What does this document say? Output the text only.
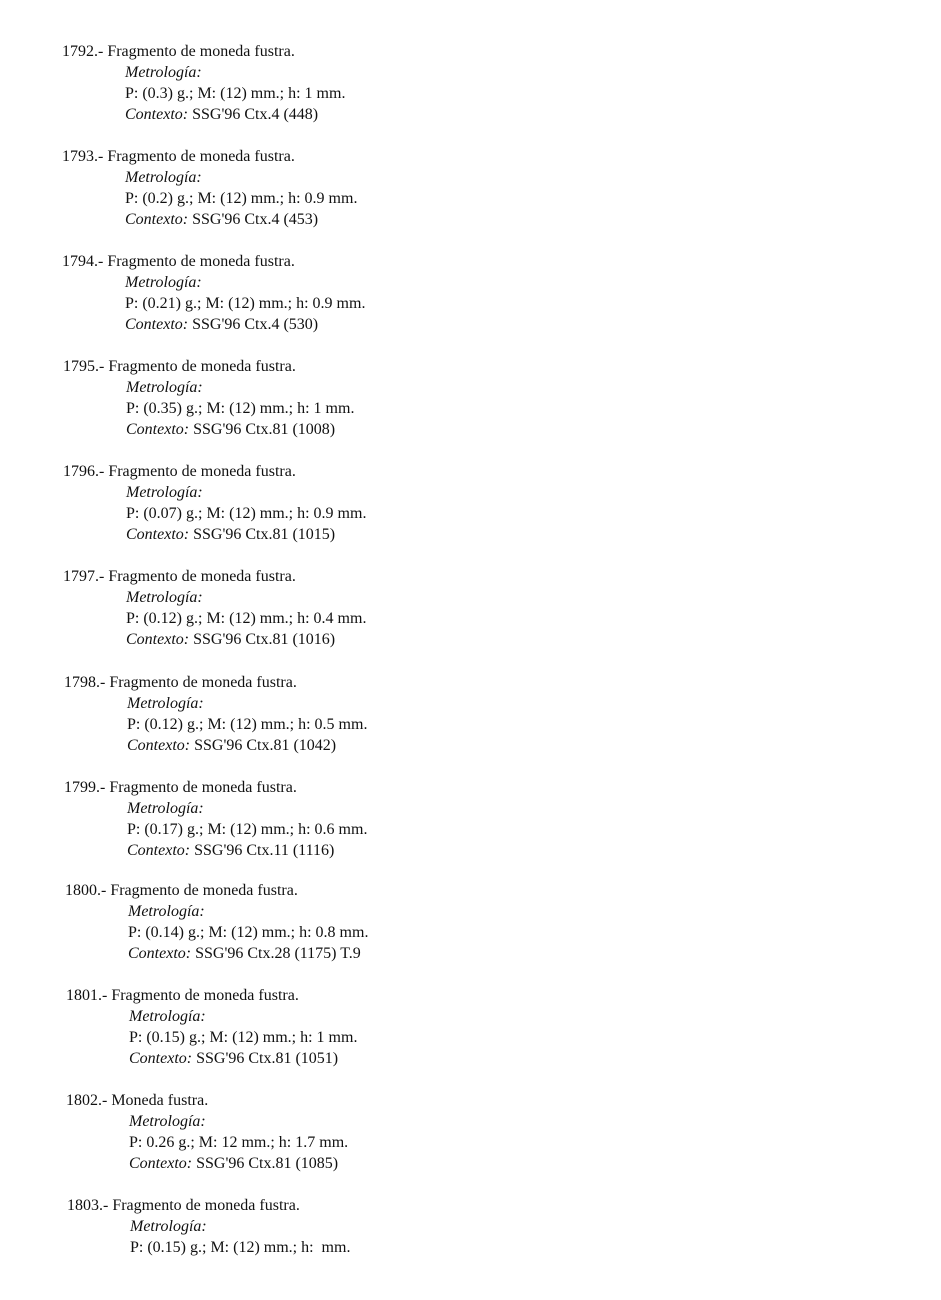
1792.- Fragmento de moneda fustra.
Metrología:
P: (0.3) g.; M: (12) mm.; h: 1 mm.
Contexto: SSG'96 Ctx.4 (448)
1793.- Fragmento de moneda fustra.
Metrología:
P: (0.2) g.; M: (12) mm.; h: 0.9 mm.
Contexto: SSG'96 Ctx.4 (453)
1794.- Fragmento de moneda fustra.
Metrología:
P: (0.21) g.; M: (12) mm.; h: 0.9 mm.
Contexto: SSG'96 Ctx.4 (530)
1795.- Fragmento de moneda fustra.
Metrología:
P: (0.35) g.; M: (12) mm.; h: 1 mm.
Contexto: SSG'96 Ctx.81 (1008)
1796.- Fragmento de moneda fustra.
Metrología:
P: (0.07) g.; M: (12) mm.; h: 0.9 mm.
Contexto: SSG'96 Ctx.81 (1015)
1797.- Fragmento de moneda fustra.
Metrología:
P: (0.12) g.; M: (12) mm.; h: 0.4 mm.
Contexto: SSG'96 Ctx.81 (1016)
1798.- Fragmento de moneda fustra.
Metrología:
P: (0.12) g.; M: (12) mm.; h: 0.5 mm.
Contexto: SSG'96 Ctx.81 (1042)
1799.- Fragmento de moneda fustra.
Metrología:
P: (0.17) g.; M: (12) mm.; h: 0.6 mm.
Contexto: SSG'96 Ctx.11 (1116)
1800.- Fragmento de moneda fustra.
Metrología:
P: (0.14) g.; M: (12) mm.; h: 0.8 mm.
Contexto: SSG'96 Ctx.28 (1175) T.9
1801.- Fragmento de moneda fustra.
Metrología:
P: (0.15) g.; M: (12) mm.; h: 1 mm.
Contexto: SSG'96 Ctx.81 (1051)
1802.- Moneda fustra.
Metrología:
P: 0.26 g.; M: 12 mm.; h: 1.7 mm.
Contexto: SSG'96 Ctx.81 (1085)
1803.- Fragmento de moneda fustra.
Metrología:
P: (0.15) g.; M: (12) mm.; h:  mm.
